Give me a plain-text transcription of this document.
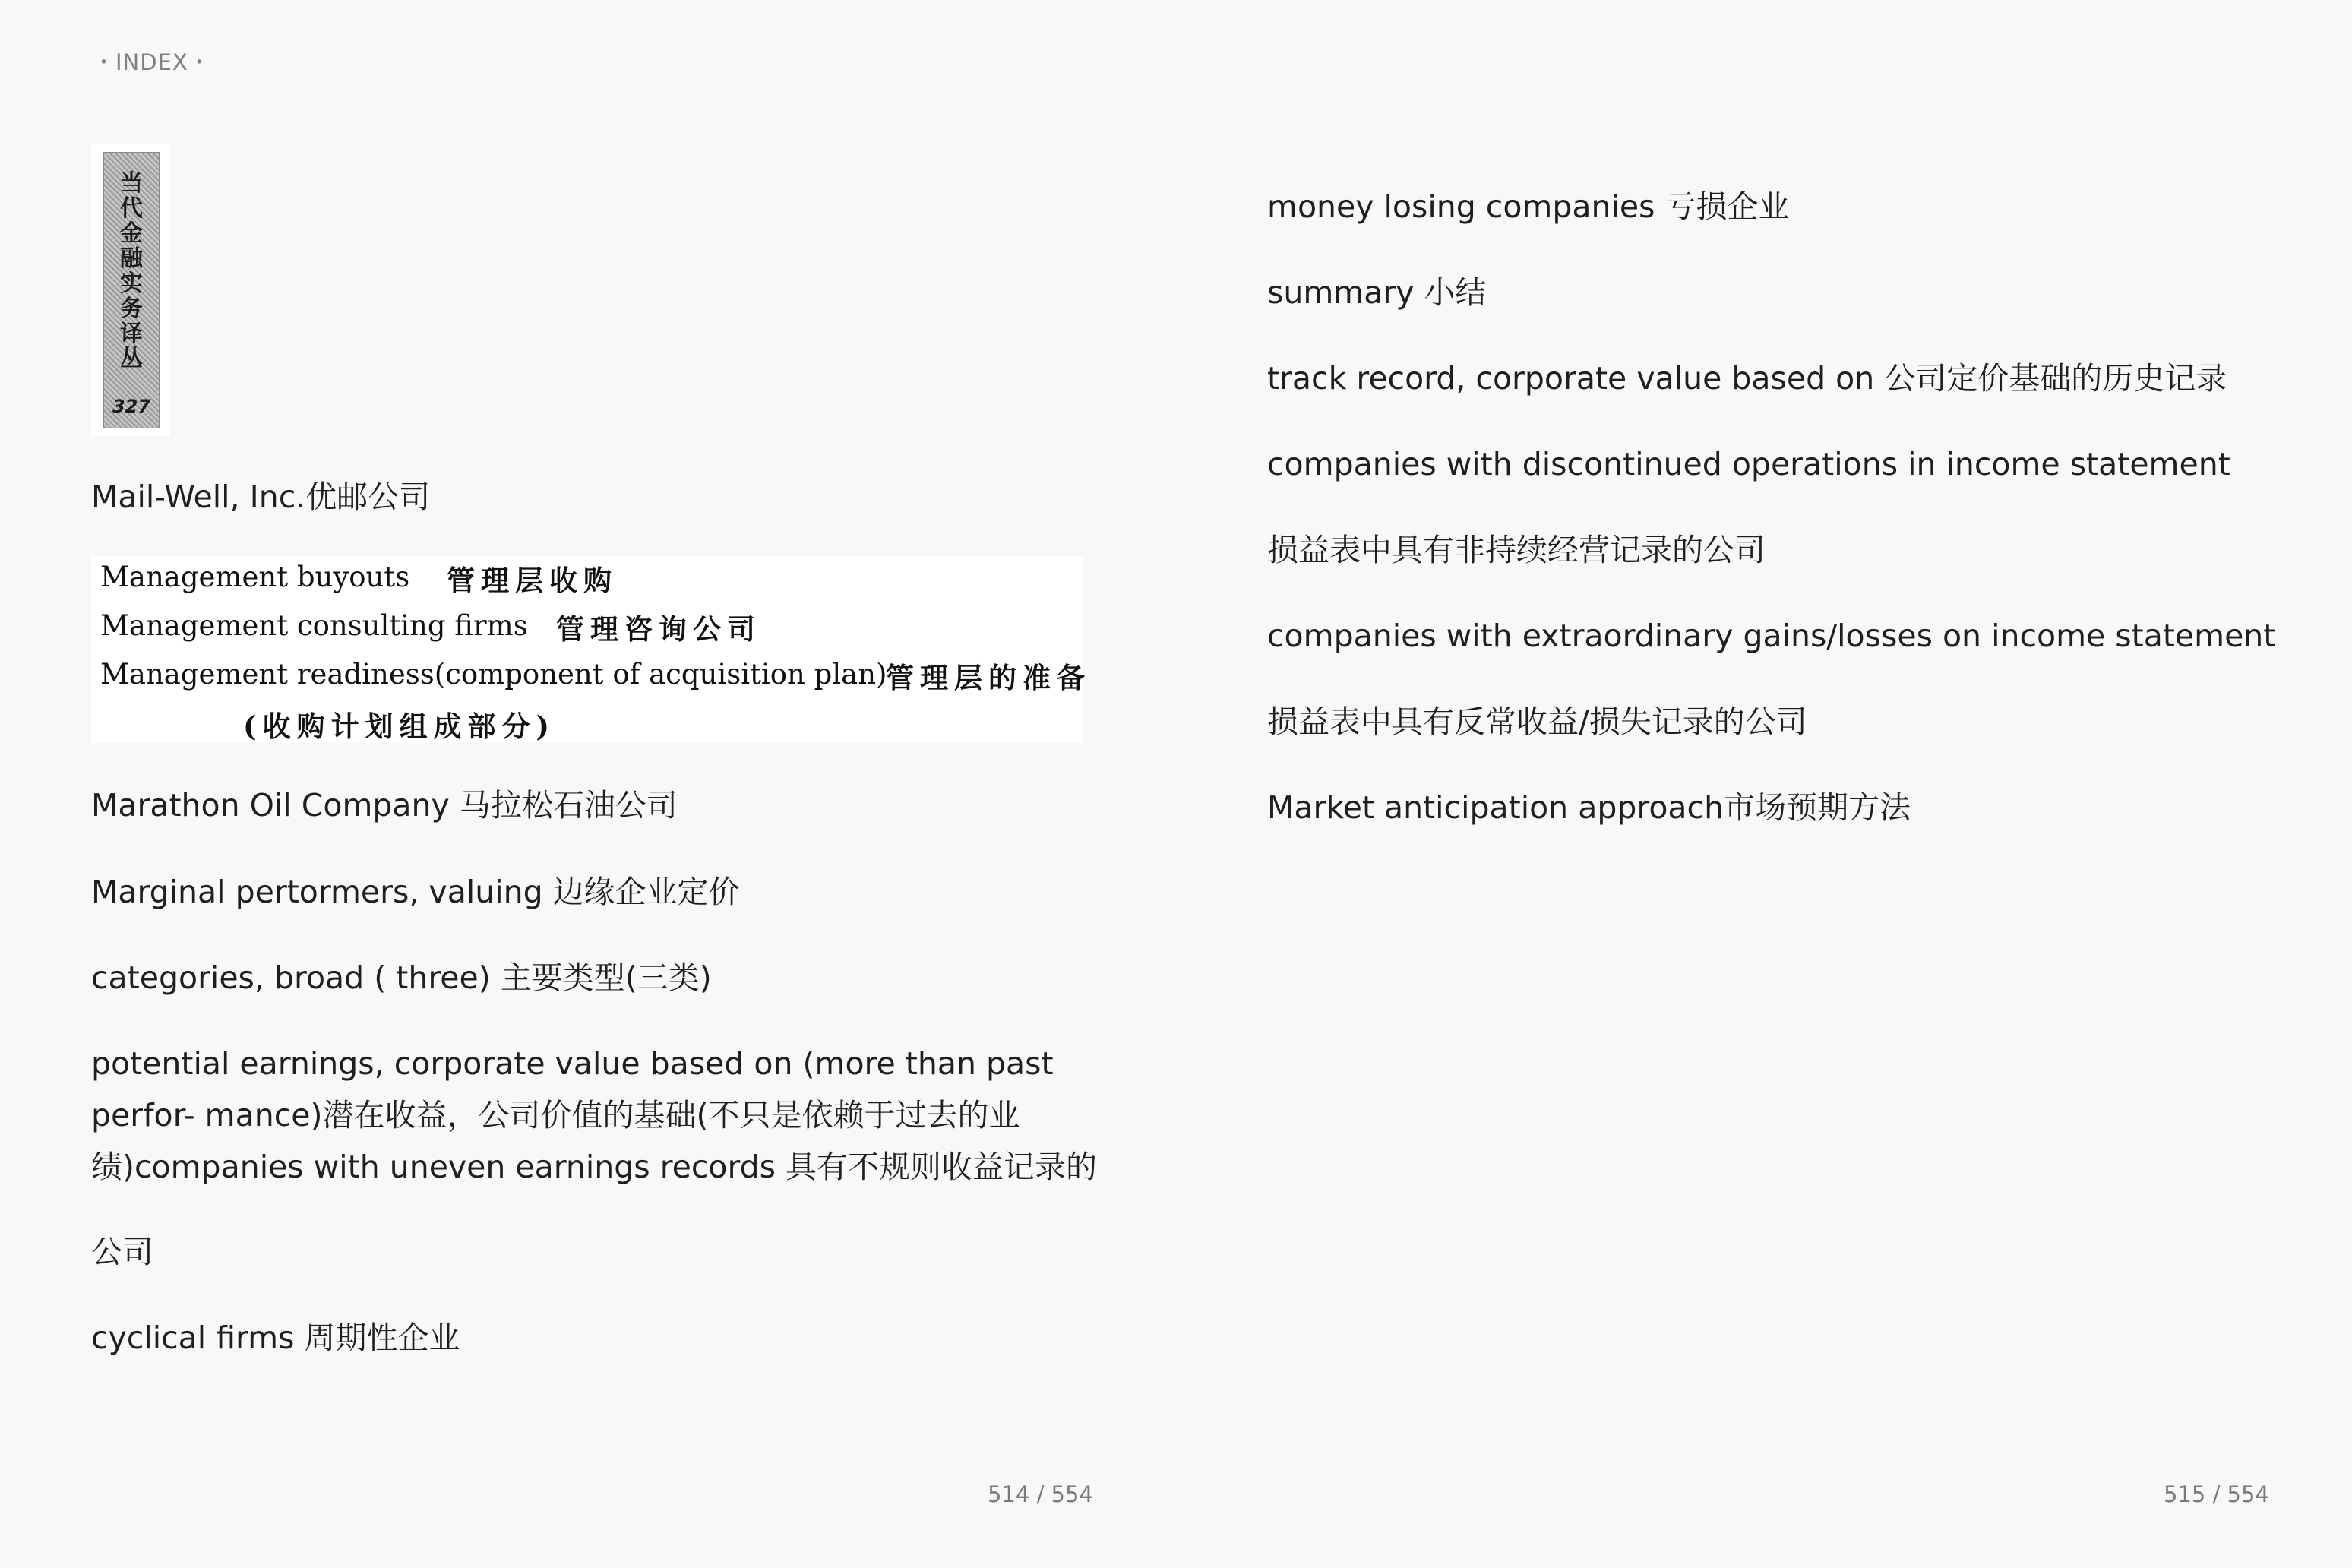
・INDEX・
当代金融实务译丛
327
Mail-Well, Inc.优邮公司
Management buyouts 管理层收购
Management consulting firms 管理咨询公司
Management readiness(component of acquisition plan)
管理层的准备
(收购计划组成部分)
Marathon Oil Company 马拉松石油公司
Marginal pertormers, valuing 边缘企业定价
categories, broad ( three) 主要类型(三类)
potential earnings, corporate value based on (more than past perfor- mance)潜在收益，公司价值的基础(不只是依赖于过去的业绩)companies with uneven earnings records 具有不规则收益记录的
公司
cyclical firms 周期性企业
514 / 554
money losing companies 亏损企业
summary 小结
track record, corporate value based on 公司定价基础的历史记录
companies with discontinued operations in income statement
损益表中具有非持续经营记录的公司
companies with extraordinary gains/losses on income statement
损益表中具有反常收益/损失记录的公司
Market anticipation approach市场预期方法
515 / 554
